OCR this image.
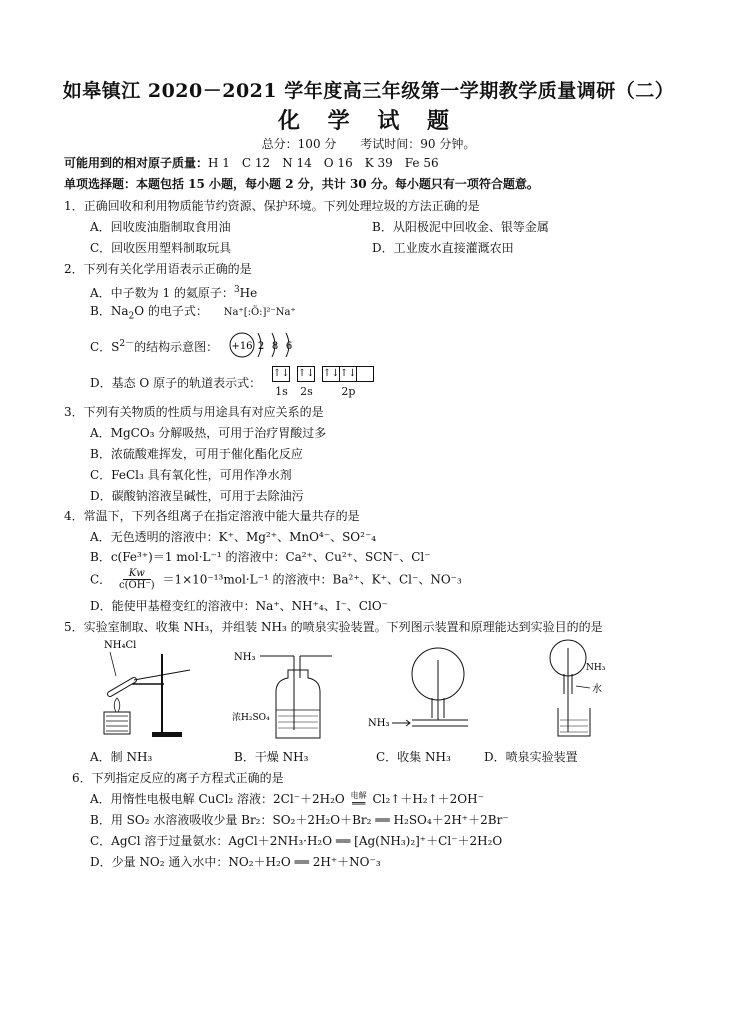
如皋镇江 2020－2021 学年度高三年级第一学期教学质量调研（二）
化 学 试 题
总分：100 分 考试时间：90 分钟。
可能用到的相对原子质量：H 1　C 12　N 14　O 16　K 39　Fe 56
单项选择题：本题包括 15 小题，每小题 2 分，共计 30 分。每小题只有一项符合题意。
1．正确回收和利用物质能节约资源、保护环境。下列处理垃圾的方法正确的是
A．回收废油脂制取食用油	B．从阳极泥中回收金、银等金属
C．回收医用塑料制取玩具	D．工业废水直接灌溉农田
2．下列有关化学用语表示正确的是
A．中子数为 1 的氦原子：$^3$He
B．$Na_2O$ 的电子式： Na⁺[:Ö:]²⁻Na⁺
C．$S^{2-}$的结构示意图： +16 2 8 6
D．基态 O 原子的轨道表示式：
↑↓
1s
↑↓
2s
↑↓ ↑↓
2p
3．下列有关物质的性质与用途具有对应关系的是
A．MgCO₃ 分解吸热，可用于治疗胃酸过多
B．浓硫酸难挥发，可用于催化酯化反应
C．FeCl₃ 具有氧化性，可用作净水剂
D．碳酸钠溶液呈碱性，可用于去除油污
4．常温下，下列各组离子在指定溶液中能大量共存的是
A．无色透明的溶液中：K⁺、Mg²⁺、MnO⁴⁻、SO²⁻₄
B．c(Fe³⁺)＝1 mol·L⁻¹ 的溶液中：Ca²⁺、Cu²⁺、SCN⁻、Cl⁻
C． $\frac{Kw}{c(OH^-)} =1\times 10^{-13}mol\cdot L^{-1}$ 的溶液中：Ba²⁺、K⁺、Cl⁻、NO⁻₃
D．能使甲基橙变红的溶液中：Na⁺、NH⁺₄、I⁻、ClO⁻
5．实验室制取、收集 NH₃，并组装 NH₃ 的喷泉实验装置。下列图示装置和原理能达到实验目的的是
NH₄Cl
NH₃
浓H₂SO₄	NH₃
NH₃
水
A．制 NH₃	B．干燥 NH₃	C．收集 NH₃	D．喷泉实验装置
6．下列指定反应的离子方程式正确的是
A．用惰性电极电解 CuCl₂ 溶液：2Cl⁻＋2H₂O 电解
══ Cl₂↑＋H₂↑＋2OH⁻
B．用 SO₂ 水溶液吸收少量 Br₂：SO₂＋2H₂O＋Br₂ ══ H₂SO₄＋2H⁺＋2Br⁻
C．AgCl 溶于过量氨水：AgCl＋2NH₃·H₂O ══ [Ag(NH₃)₂]⁺＋Cl⁻＋2H₂O
D．少量 NO₂ 通入水中：NO₂＋H₂O ══ 2H⁺＋NO⁻₃
